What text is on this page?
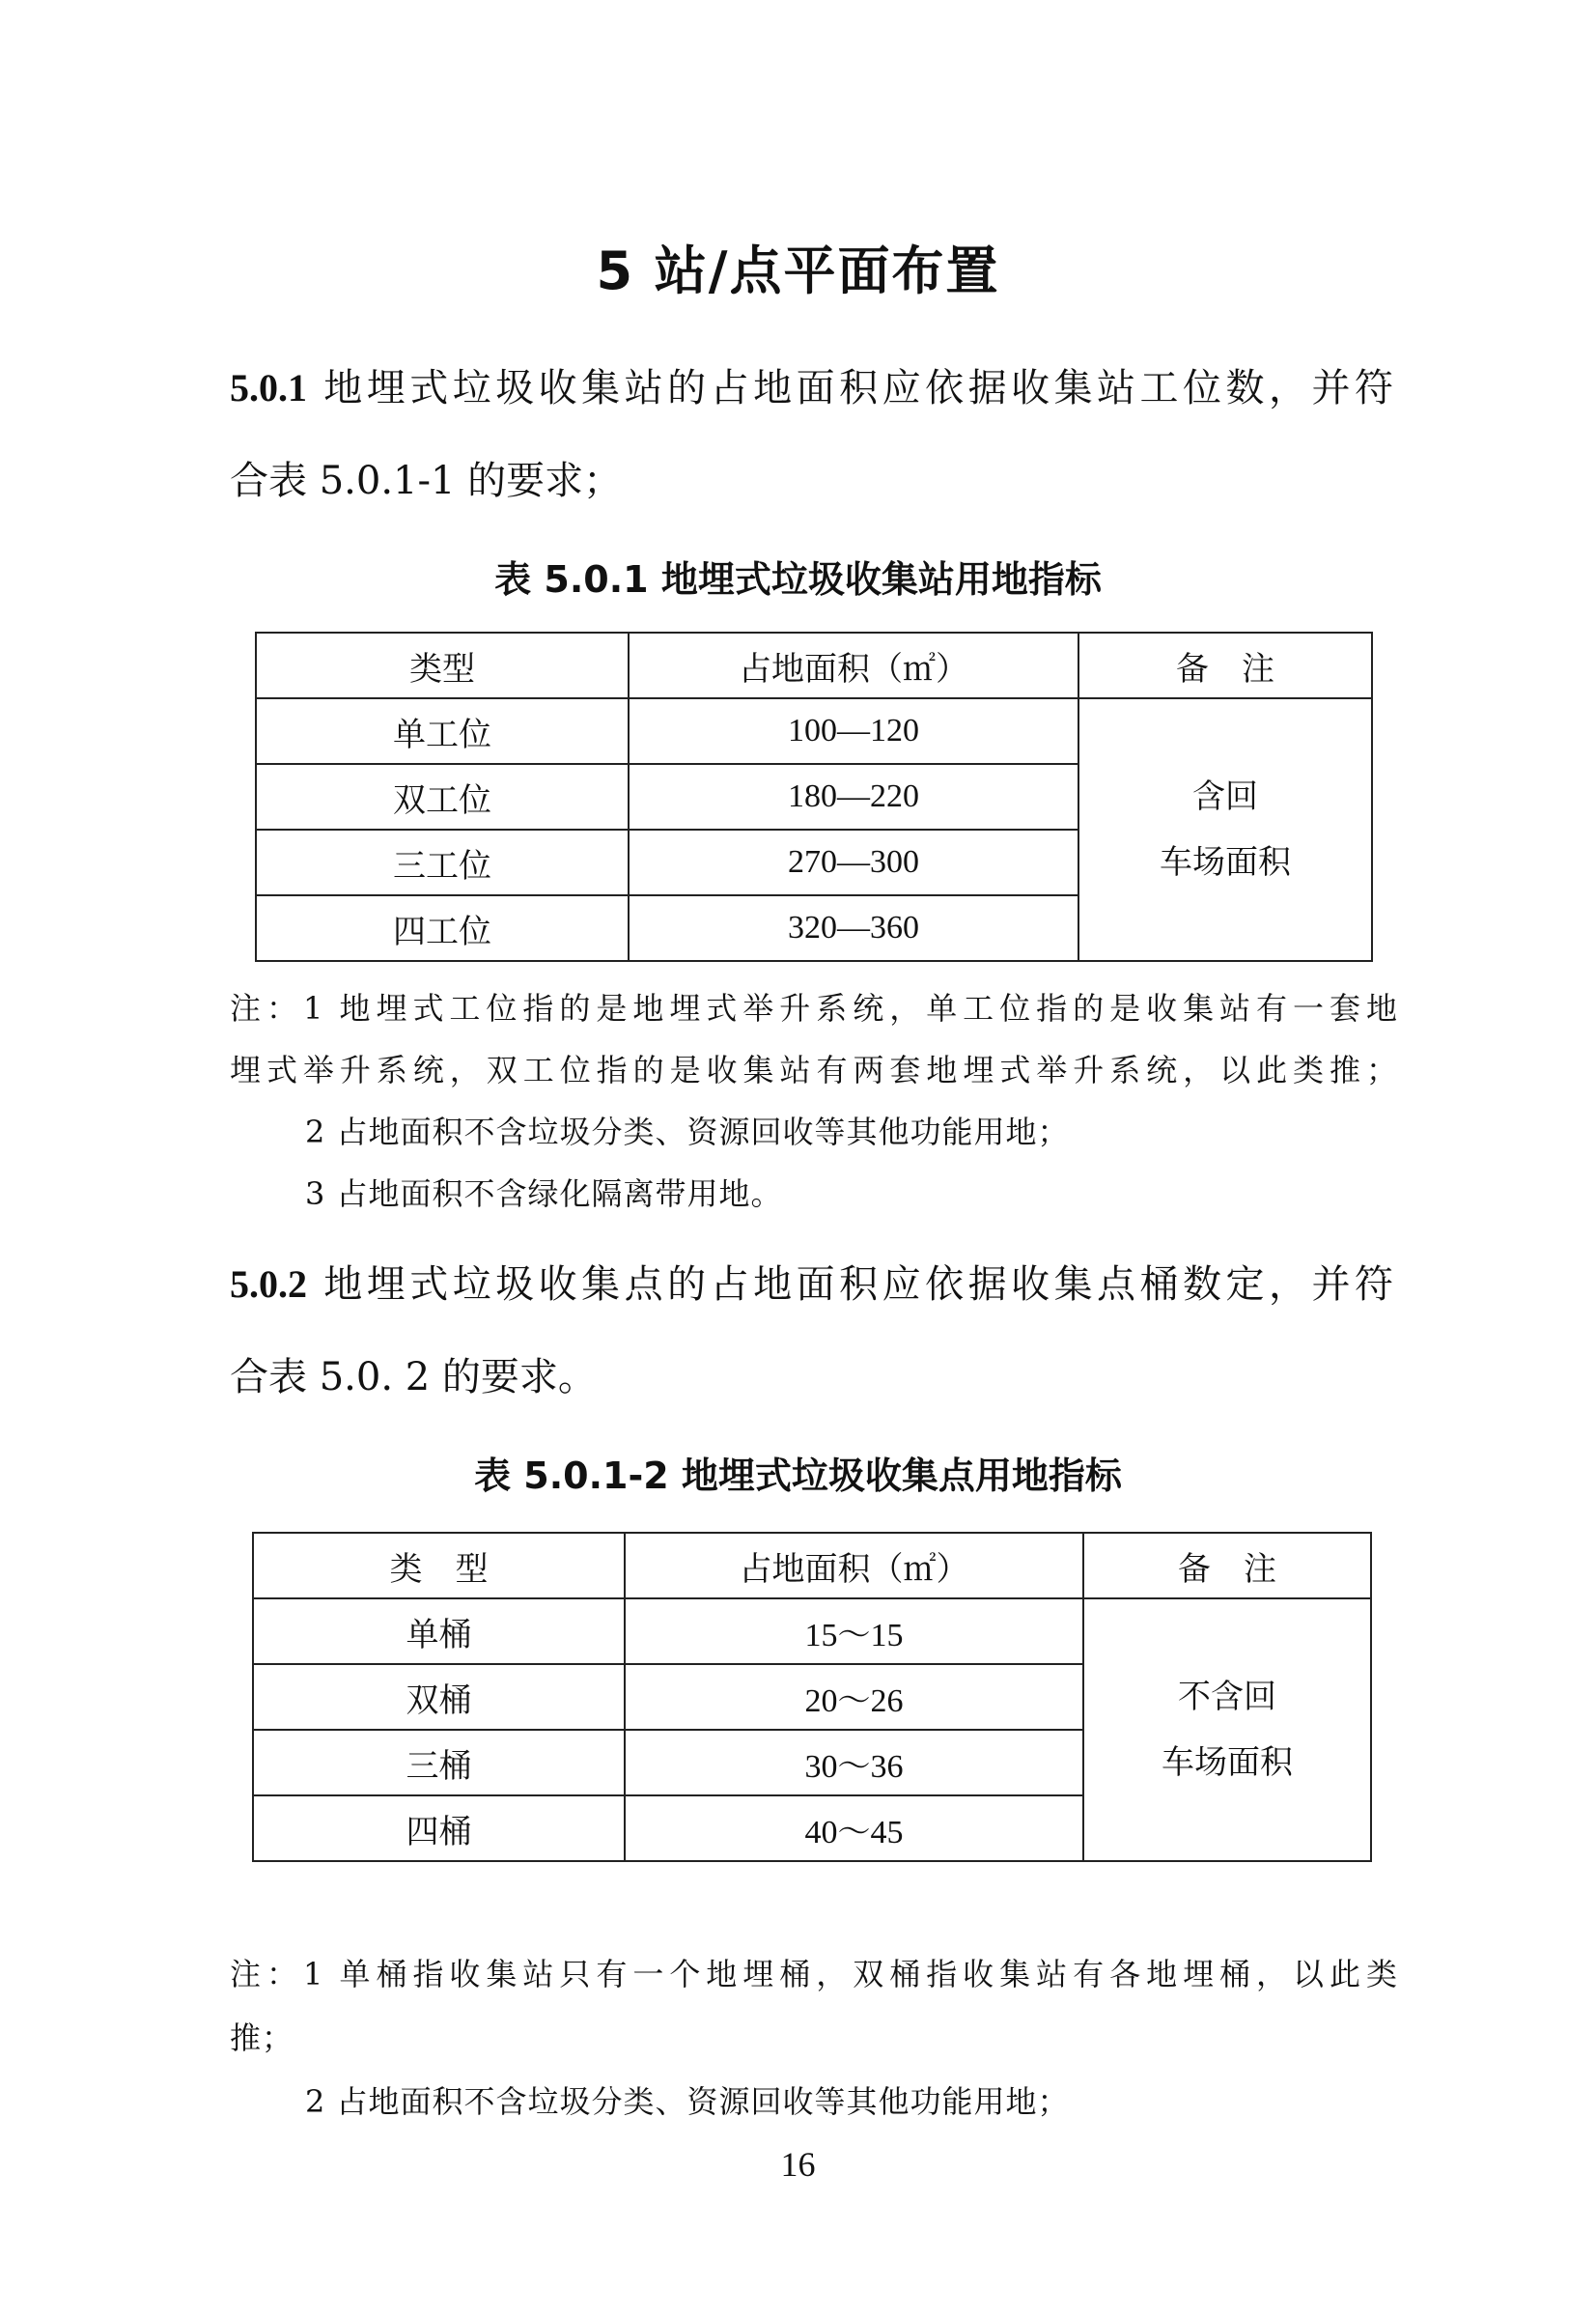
5 站/点平面布置
5.0.1 地埋式垃圾收集站的占地面积应依据收集站工位数，并符
合表 5.0.1-1 的要求；
表 5.0.1 地埋式垃圾收集站用地指标
类型	占地面积（㎡）	备　注
单工位	100—120	含回
车场面积

双工位	180—220	
三工位	270—300	
四工位	320—360	
注：1 地埋式工位指的是地埋式举升系统，单工位指的是收集站有一套地
埋式举升系统，双工位指的是收集站有两套地埋式举升系统，以此类推；
2 占地面积不含垃圾分类、资源回收等其他功能用地；
3 占地面积不含绿化隔离带用地。
5.0.2 地埋式垃圾收集点的占地面积应依据收集点桶数定，并符
合表 5.0. 2 的要求。
表 5.0.1-2 地埋式垃圾收集点用地指标
类　型	占地面积（㎡）	备　注
单桶	15～15	不含回
车场面积

双桶	20～26	
三桶	30～36	
四桶	40～45	
注：1 单桶指收集站只有一个地埋桶，双桶指收集站有各地埋桶，以此类
推；
2 占地面积不含垃圾分类、资源回收等其他功能用地；
16
